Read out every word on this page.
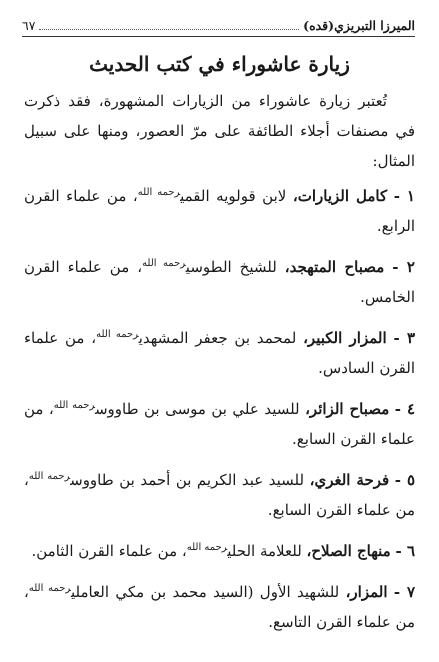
الميرزا التبريزي(قده)
٦٧
زيارة عاشوراء في كتب الحديث

تُعتبر زيارة عاشوراء من الزيارات المشهورة، فقد ذكرت في مصنفات أجلاء الطائفة على مرّ العصور، ومنها على سبيل المثال:

١ - كامل الزيارات، لابن قولويه القمي$^{رحمه الله}$، من علماء القرن الرابع.
٢ - مصباح المتهجد، للشيخ الطوسي$^{رحمه الله}$، من علماء القرن الخامس.
٣ - المزار الكبير، لمحمد بن جعفر المشهدي$^{رحمه الله}$، من علماء القرن السادس.
٤ - مصباح الزائر، للسيد علي بن موسى بن طاووس$^{رحمه الله}$، من علماء القرن السابع.
٥ - فرحة الغري، للسيد عبد الكريم بن أحمد بن طاووس$^{رحمه الله}$، من علماء القرن السابع.
٦ - منهاج الصلاح، للعلامة الحلي$^{رحمه الله}$، من علماء القرن الثامن.
٧ - المزار، للشهيد الأول (السيد محمد بن مكي العاملي$^{رحمه الله}$، من علماء القرن التاسع.
